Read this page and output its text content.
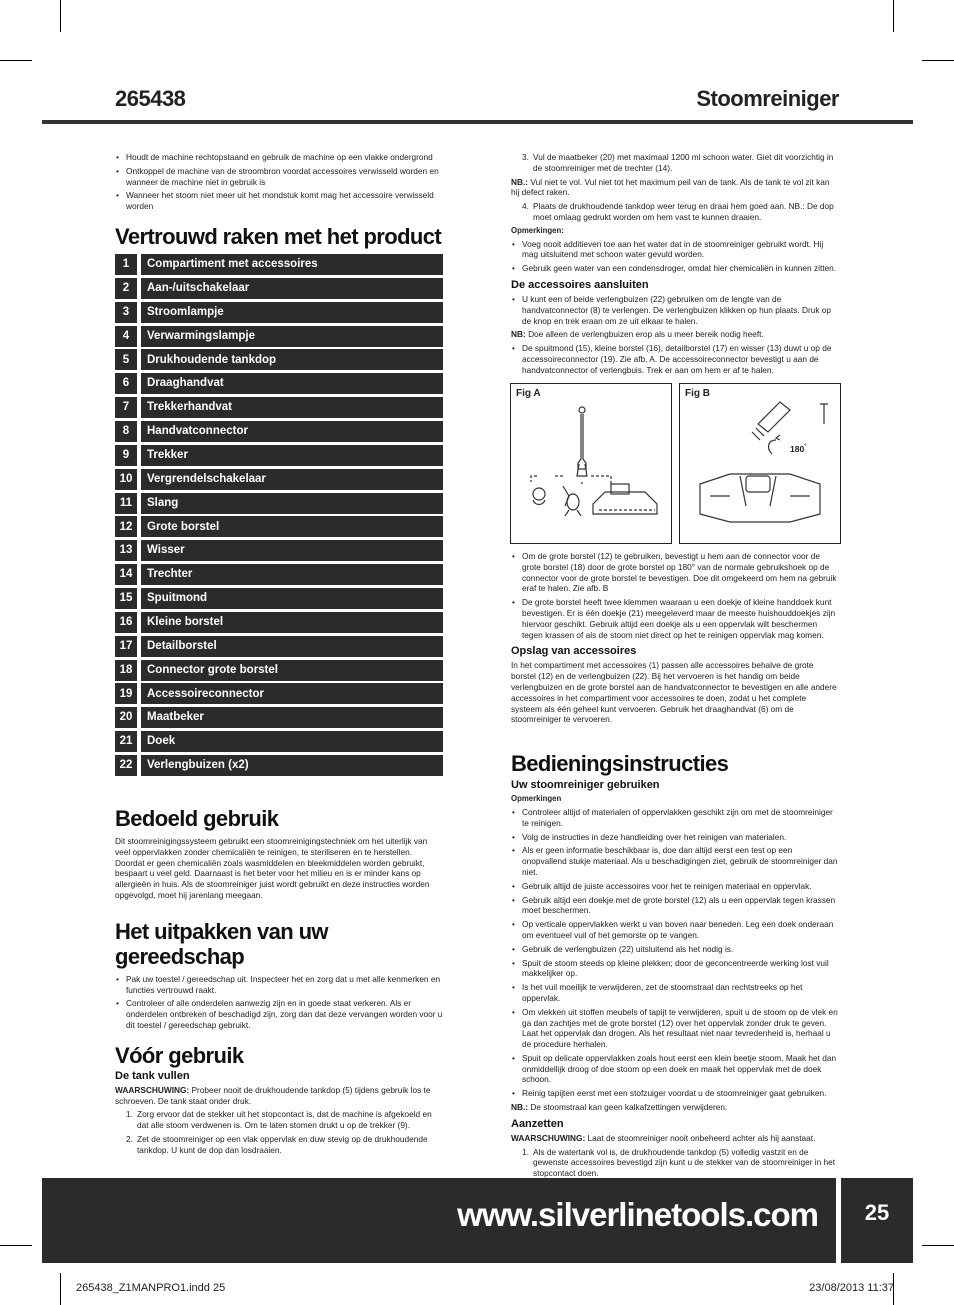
265438	Stoomreiniger
• Houdt de machine rechtopstaand en gebruik de machine op een vlakke ondergrond
• Ontkoppel de machine van de stroombron voordat accessoires verwisseld worden en wanneer de machine niet in gebruik is
• Wanneer het stoom niet meer uit het mondstuk komt mag het accessoire verwisseld worden
Vertrouwd raken met het product
1	Compartiment met accessoires
2	Aan-/uitschakelaar
3	Stroomlampje
4	Verwarmingslampje
5	Drukhoudende tankdop
6	Draaghandvat
7	Trekkerhandvat
8	Handvatconnector
9	Trekker
10	Vergrendelschakelaar
11	Slang
12	Grote borstel
13	Wisser
14	Trechter
15	Spuitmond
16	Kleine borstel
17	Detailborstel
18	Connector grote borstel
19	Accessoireconnector
20	Maatbeker
21	Doek
22	Verlengbuizen (x2)
Bedoeld gebruik
Dit stoomreinigingssysteem gebruikt een stoomreinigingstechniek om het uiterlijk van veel oppervlakken zonder chemicaliën te reinigen, te steriliseren en te herstellen. Doordat er geen chemicaliën zoals wasmiddelen en bleekmiddelen worden gebruikt, bespaart u veel geld. Daarnaast is het beter voor het milieu en is er minder kans op allergieën in huis. Als de stoomreiniger juist wordt gebruikt en deze instructies worden opgevolgd, moet hij jarenlang meegaan.
Het uitpakken van uw gereedschap
• Pak uw toestel / gereedschap uit. Inspecteer het en zorg dat u met alle kenmerken en functies vertrouwd raakt.
• Controleer of alle onderdelen aanwezig zijn en in goede staat verkeren. Als er onderdelen ontbreken of beschadigd zijn, zorg dan dat deze vervangen worden voor u dit toestel / gereedschap gebruikt.
Vóór gebruik
De tank vullen
WAARSCHUWING: Probeer nooit de drukhoudende tankdop (5) tijdens gebruik los te schroeven. De tank staat onder druk.
1. Zorg ervoor dat de stekker uit het stopcontact is, dat de machine is afgekoeld en dat alle stoom verdwenen is. Om te laten stomen drukt u op de trekker (9).
2. Zet de stoomreiniger op een vlak oppervlak en duw stevig op de drukhoudende tankdop. U kunt de dop dan losdraaien.
3. Vul de maatbeker (20) met maximaal 1200 ml schoon water. Giet dit voorzichtig in de stoomreiniger met de trechter (14).
NB.: Vul niet te vol. Vul niet tot het maximum peil van de tank. Als de tank te vol zit kan hij defect raken.
4. Plaats de drukhoudende tankdop weer terug en draai hem goed aan. NB.: De dop moet omlaag gedrukt worden om hem vast te kunnen draaien.
Opmerkingen:
• Voeg nooit additieven toe aan het water dat in de stoomreiniger gebruikt wordt. Hij mag uitsluitend met schoon water gevuld worden.
• Gebruik geen water van een condensdroger, omdat hier chemicaliën in kunnen zitten.
De accessoires aansluiten
• U kunt een of beide verlengbuizen (22) gebruiken om de lengte van de handvatconnector (8) te verlengen. De verlengbuizen klikken op hun plaats. Druk op de knop en trek eraan om ze uit elkaar te halen.
NB: Doe alleen de verlengbuizen erop als u meer bereik nodig heeft.
• De spuitmond (15), kleine borstel (16), detailborstel (17) en wisser (13) duwt u op de accessoireconnector (19). Zie afb. A. De accessoireconnector bevestigt u aan de handvatconnector of verlengbuis. Trek er aan om hem er af te halen.
Fig A	Fig B
180°
• Om de grote borstel (12) te gebruiken, bevestigt u hem aan de connector voor de grote borstel (18) door de grote borstel op 180° van de normale gebruikshoek op de connector voor de grote borstel te bevestigen. Doe dit omgekeerd om hem na gebruik eraf te halen. Zie afb. B
• De grote borstel heeft twee klemmen waaraan u een doekje of kleine handdoek kunt bevestigen. Er is één doekje (21) meegeleverd maar de meeste huishouddoekjes zijn hiervoor geschikt. Gebruik altijd een doekje als u een oppervlak wilt beschermen tegen krassen of als de stoom niet direct op het te reinigen oppervlak mag komen.
Opslag van accessoires
In het compartiment met accessoires (1) passen alle accessoires behalve de grote borstel (12) en de verlengbuizen (22). Bij het vervoeren is het handig om beide verlengbuizen en de grote borstel aan de handvatconnector te bevestigen en alle andere accessoires in het compartiment voor accessoires te doen, zodat u het complete systeem als één geheel kunt vervoeren. Gebruik het draaghandvat (6) om de stoomreiniger te vervoeren.
Bedieningsinstructies
Uw stoomreiniger gebruiken
Opmerkingen
• Controleer altijd of materialen of oppervlakken geschikt zijn om met de stoomreiniger te reinigen.
• Volg de instructies in deze handleiding over het reinigen van materialen.
• Als er geen informatie beschikbaar is, doe dan altijd eerst een test op een onopvallend stukje materiaal. Als u beschadigingen ziet, gebruik de stoomreiniger dan niet.
• Gebruik altijd de juiste accessoires voor het te reinigen materiaal en oppervlak.
• Gebruik altijd een doekje met de grote borstel (12) als u een oppervlak tegen krassen moet beschermen.
• Op verticale oppervlakken werkt u van boven naar beneden. Leg een doek onderaan om eventueel vuil of het gemorste op te vangen.
• Gebruik de verlengbuizen (22) uitsluitend als het nodig is.
• Spuit de stoom steeds op kleine plekken; door de geconcentreerde werking lost vuil makkelijker op.
• Is het vuil moeilijk te verwijderen, zet de stoomstraal dan rechtstreeks op het oppervlak.
• Om vlekken uit stoffen meubels of tapijt te verwijderen, spuit u de stoom op de vlek en ga dan zachtjes met de grote borstel (12) over het oppervlak zonder druk te geven. Laat het oppervlak dan drogen. Als het resultaat niet naar tevredenheid is, herhaal u de procedure herhalen.
• Spuit op delicate oppervlakken zoals hout eerst een klein beetje stoom. Maak het dan onmiddellijk droog of doe stoom op een doek en maak het oppervlak met de doek schoon.
• Reinig tapijten eerst met een stofzuiger voordat u de stoomreiniger gaat gebruiken.
NB.: De stoomstraal kan geen kalkafzettingen verwijderen.
Aanzetten
WAARSCHUWING: Laat de stoomreiniger nooit onbeheerd achter als hij aanstaat.
1. Als de watertank vol is, de drukhoudende tankdop (5) volledig vastzit en de gewenste accessoires bevestigd zijn kunt u de stekker van de stoomreiniger in het stopcontact doen.
www.silverlinetools.com 25
265438_Z1MANPRO1.indd 25	23/08/2013 11:37
